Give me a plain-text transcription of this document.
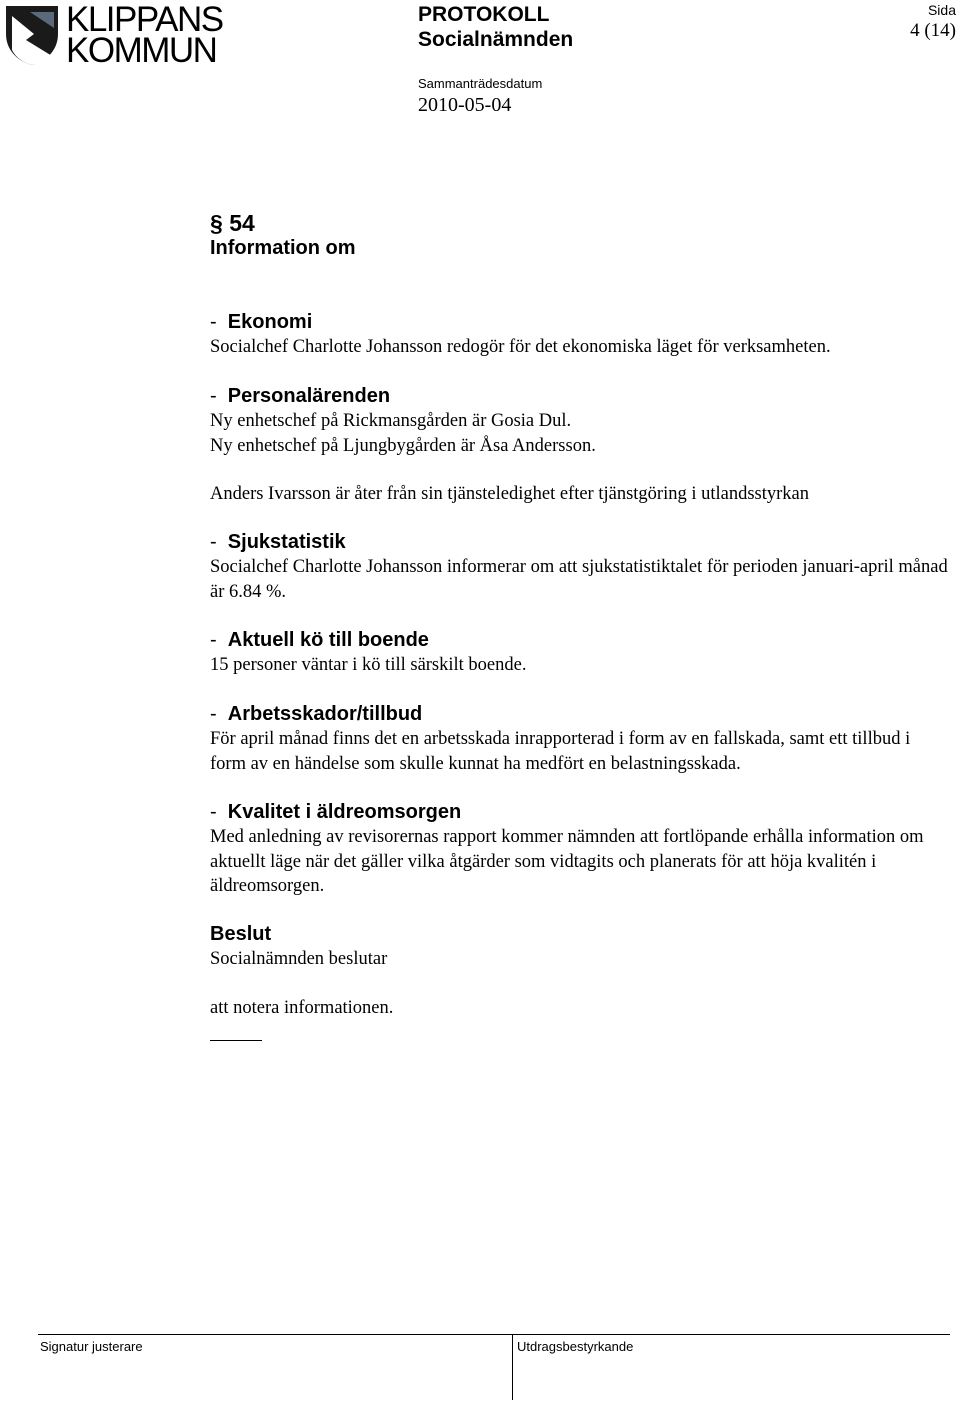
KLIPPANS
KOMMUN
PROTOKOLL
Socialnämnden
Sammanträdesdatum
2010-05-04
Sida
4 (14)
§ 54
Information om
- Ekonomi
Socialchef Charlotte Johansson redogör för det ekonomiska läget för verksamheten.
- Personalärenden
Ny enhetschef på Rickmansgården är Gosia Dul.
Ny enhetschef på Ljungbygården är Åsa Andersson.
Anders Ivarsson är åter från sin tjänsteledighet efter tjänstgöring i utlandsstyrkan
- Sjukstatistik
Socialchef Charlotte Johansson informerar om att sjukstatistiktalet för perioden januari-april månad är 6.84 %.
- Aktuell kö till boende
15 personer väntar i kö till särskilt boende.
- Arbetsskador/tillbud
För april månad finns det en arbetsskada inrapporterad i form av en fallskada, samt ett tillbud i form av en händelse som skulle kunnat ha medfört en belastningsskada.
- Kvalitet i äldreomsorgen
Med anledning av revisorernas rapport kommer nämnden att fortlöpande erhålla information om aktuellt läge när det gäller vilka åtgärder som vidtagits och planerats för att höja kvalitén i äldreomsorgen.
Beslut
Socialnämnden beslutar
att notera informationen.
Signatur justerare	Utdragsbestyrkande
